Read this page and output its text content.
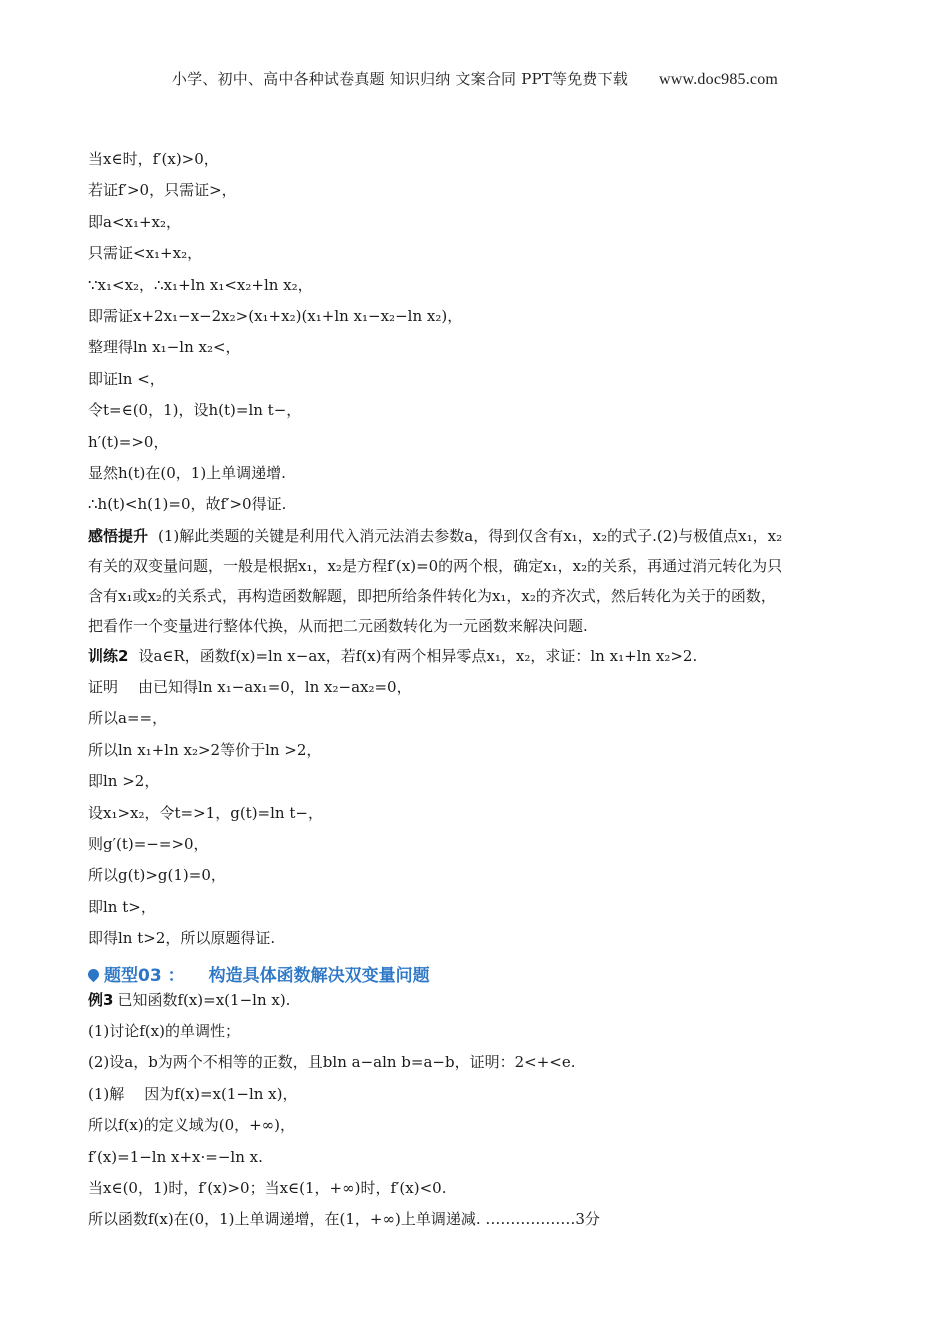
小学、初中、高中各种试卷真题 知识归纳 文案合同 PPT等免费下载 www.doc985.com
当x∈时，f′(x)>0，
若证f′>0，只需证>，
即a<x₁+x₂，
只需证<x₁+x₂，
∵x₁<x₂，∴x₁+ln x₁<x₂+ln x₂，
即需证x+2x₁−x−2x₂>(x₁+x₂)(x₁+ln x₁−x₂−ln x₂)，
整理得ln x₁−ln x₂<，
即证ln <，
令t=∈(0，1)，设h(t)=ln t−，
h′(t)=>0，
显然h(t)在(0，1)上单调递增.
∴h(t)<h(1)=0，故f′>0得证.
感悟提升 (1)解此类题的关键是利用代入消元法消去参数a，得到仅含有x₁，x₂的式子.(2)与极值点x₁，x₂
有关的双变量问题，一般是根据x₁，x₂是方程f′(x)=0的两个根，确定x₁，x₂的关系，再通过消元转化为只
含有x₁或x₂的关系式，再构造函数解题，即把所给条件转化为x₁，x₂的齐次式，然后转化为关于的函数，
把看作一个变量进行整体代换，从而把二元函数转化为一元函数来解决问题.
训练2 设a∈R，函数f(x)=ln x−ax，若f(x)有两个相异零点x₁，x₂，求证：ln x₁+ln x₂>2.
证明 由已知得ln x₁−ax₁=0，ln x₂−ax₂=0，
所以a==，
所以ln x₁+ln x₂>2等价于ln >2，
即ln >2，
设x₁>x₂，令t=>1，g(t)=ln t−，
则g′(t)=−=>0，
所以g(t)>g(1)=0，
即ln t>，
即得ln t>2，所以原题得证.
题型03 ： 构造具体函数解决双变量问题
例3 已知函数f(x)=x(1−ln x).
(1)讨论f(x)的单调性；
(2)设a，b为两个不相等的正数，且bln a−aln b=a−b，证明：2<+<e.
(1)解 因为f(x)=x(1−ln x)，
所以f(x)的定义域为(0，+∞)，
f′(x)=1−ln x+x·=−ln x.
当x∈(0，1)时，f′(x)>0；当x∈(1，+∞)时，f′(x)<0.
所以函数f(x)在(0，1)上单调递增，在(1，+∞)上单调递减. ………………3分
